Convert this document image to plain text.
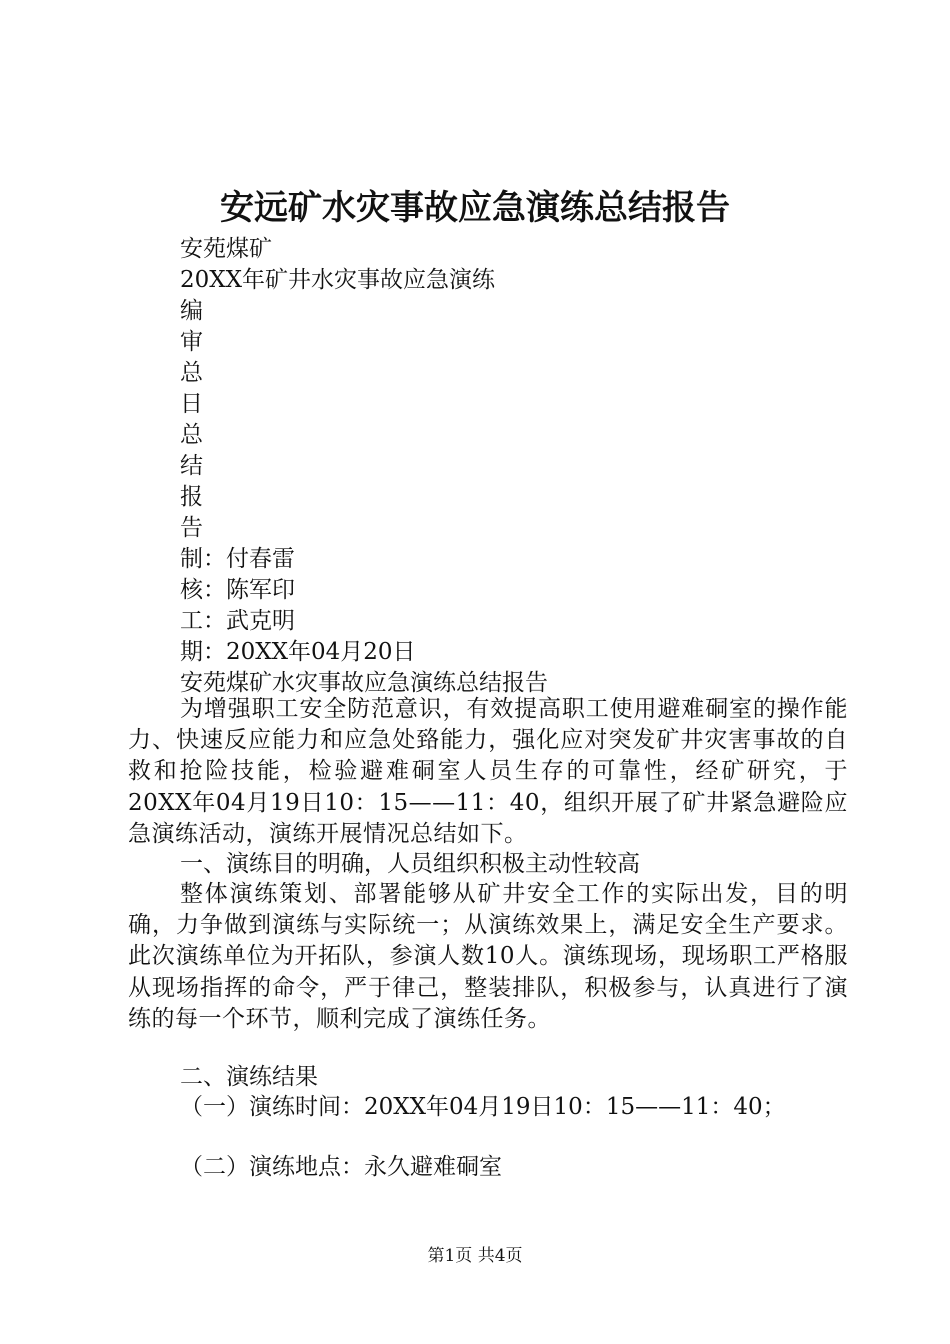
安远矿水灾事故应急演练总结报告
安苑煤矿
20XX年矿井水灾事故应急演练
编
审
总
日
总
结
报
告
制：付春雷
核：陈军印
工：武克明
期：20XX年04月20日
安苑煤矿水灾事故应急演练总结报告
为增强职工安全防范意识，有效提高职工使用避难硐室的操作能力、快速反应能力和应急处臵能力，强化应对突发矿井灾害事故的自救和抢险技能，检验避难硐室人员生存的可靠性，经矿研究，于20XX年04月19日10：15——11：40，组织开展了矿井紧急避险应急演练活动，演练开展情况总结如下。
一、演练目的明确，人员组织积极主动性较高
整体演练策划、部署能够从矿井安全工作的实际出发，目的明确，力争做到演练与实际统一；从演练效果上，满足安全生产要求。此次演练单位为开拓队，参演人数10人。演练现场，现场职工严格服从现场指挥的命令，严于律己，整装排队，积极参与，认真进行了演练的每一个环节，顺利完成了演练任务。
二、演练结果
（一）演练时间：20XX年04月19日10：15——11：40；
（二）演练地点：永久避难硐室
第1页 共4页
